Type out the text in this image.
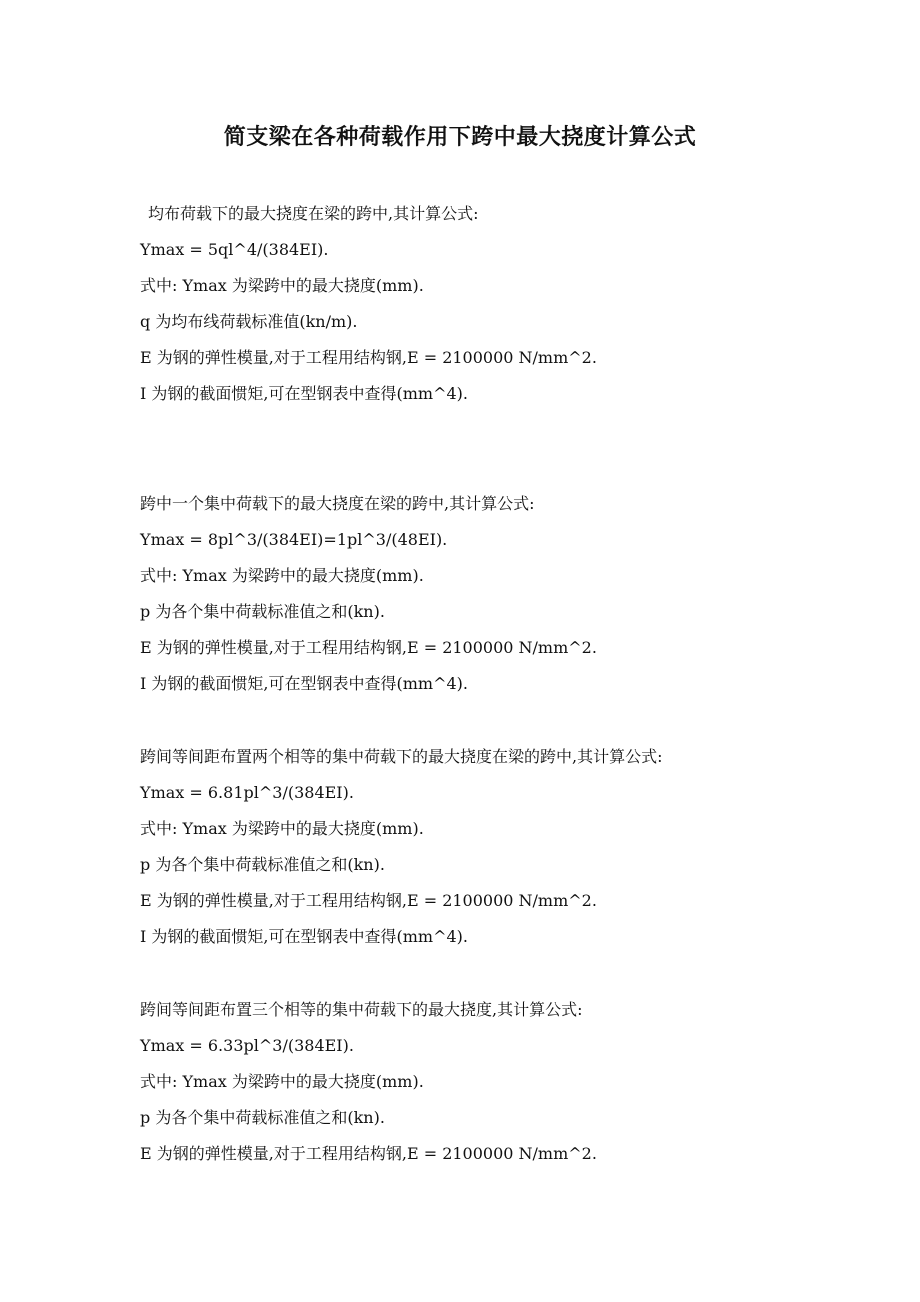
简支梁在各种荷载作用下跨中最大挠度计算公式
均布荷载下的最大挠度在梁的跨中,其计算公式:
Ymax = 5ql^4/(384EI).
式中: Ymax 为梁跨中的最大挠度(mm).
q 为均布线荷载标准值(kn/m).
E 为钢的弹性模量,对于工程用结构钢,E = 2100000 N/mm^2.
I 为钢的截面惯矩,可在型钢表中查得(mm^4).
跨中一个集中荷载下的最大挠度在梁的跨中,其计算公式:
Ymax = 8pl^3/(384EI)=1pl^3/(48EI).
式中: Ymax 为梁跨中的最大挠度(mm).
p 为各个集中荷载标准值之和(kn).
E 为钢的弹性模量,对于工程用结构钢,E = 2100000 N/mm^2.
I 为钢的截面惯矩,可在型钢表中查得(mm^4).
跨间等间距布置两个相等的集中荷载下的最大挠度在梁的跨中,其计算公式:
Ymax = 6.81pl^3/(384EI).
式中: Ymax 为梁跨中的最大挠度(mm).
p 为各个集中荷载标准值之和(kn).
E 为钢的弹性模量,对于工程用结构钢,E = 2100000 N/mm^2.
I 为钢的截面惯矩,可在型钢表中查得(mm^4).
跨间等间距布置三个相等的集中荷载下的最大挠度,其计算公式:
Ymax = 6.33pl^3/(384EI).
式中: Ymax 为梁跨中的最大挠度(mm).
p 为各个集中荷载标准值之和(kn).
E 为钢的弹性模量,对于工程用结构钢,E = 2100000 N/mm^2.
